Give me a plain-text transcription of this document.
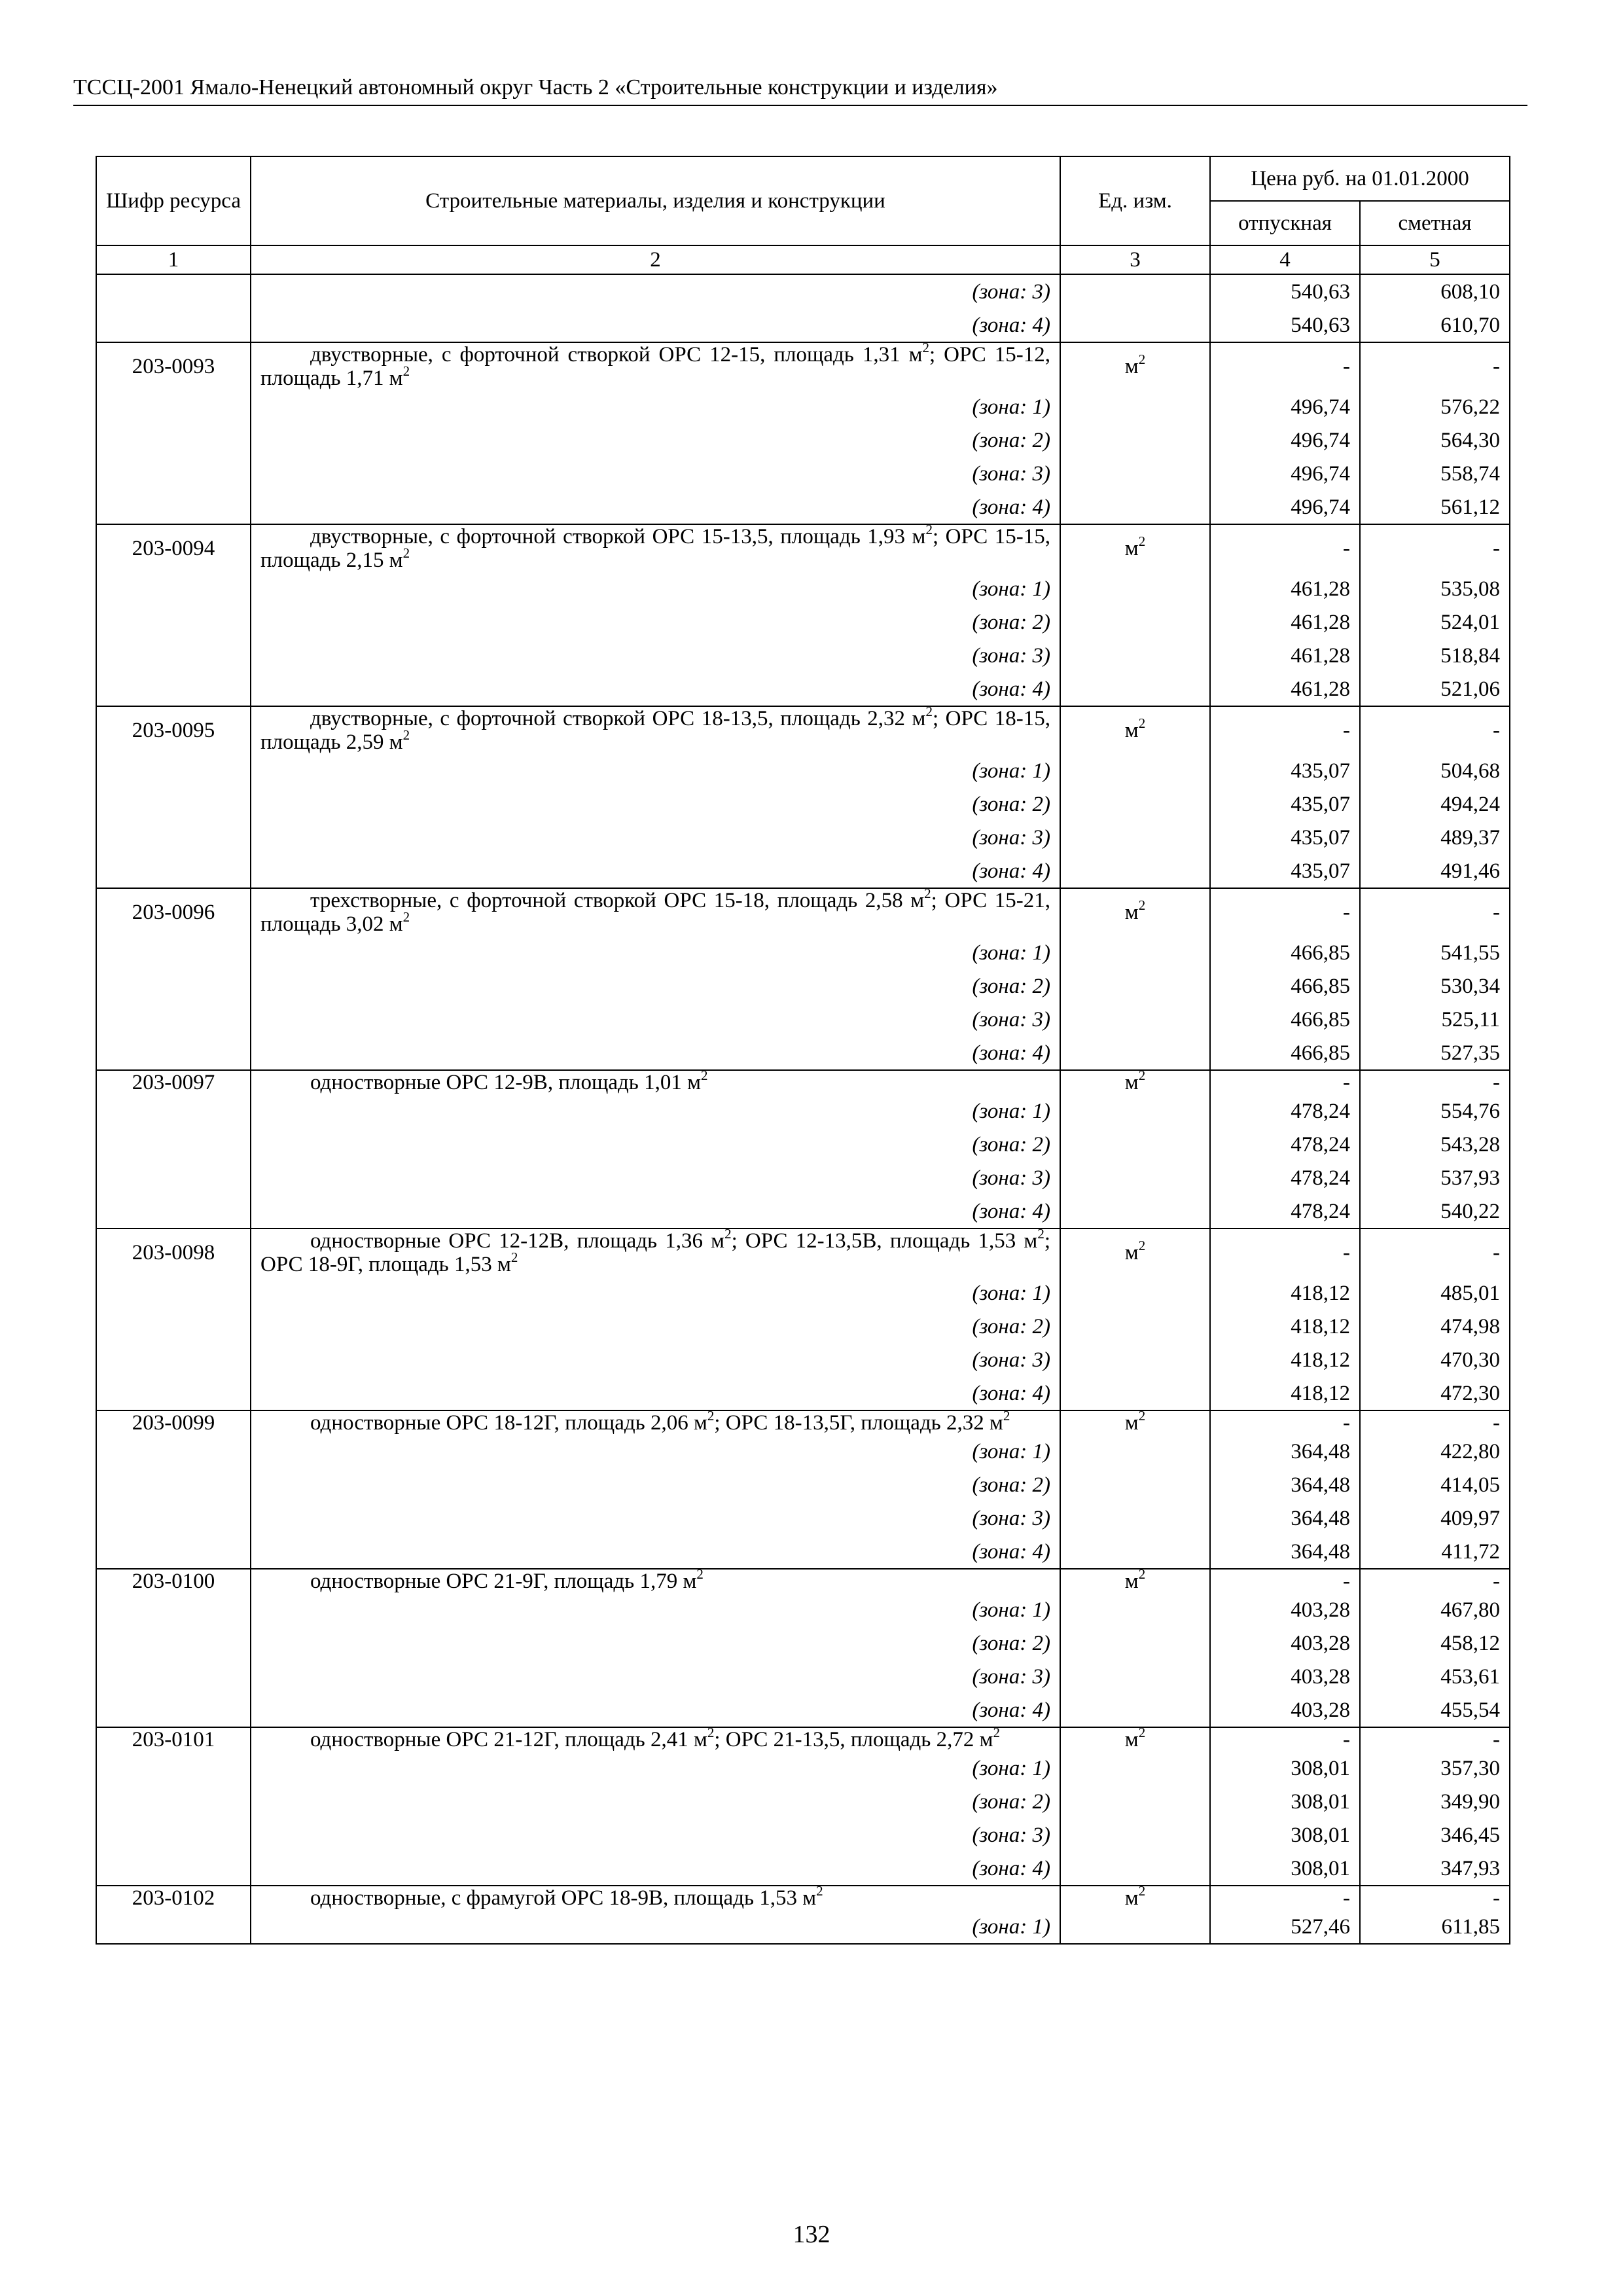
ТССЦ-2001 Ямало-Ненецкий автономный округ Часть 2 «Строительные конструкции и изделия»
Шифр ресурса	Строительные материалы, изделия и конструкции	Ед. изм.	Цена руб. на 01.01.2000	
			отпускная	сметная
1	2	3	4	5
	(зона: 3)		540,63	608,10
	(зона: 4)		540,63	610,70
203-0093	двустворные, с форточной створкой ОРС 12-15, площадь 1,31 $м^2$; ОРС 15-12, площадь 1,71 $м^2$	$м^2$	-	-
	(зона: 1)		496,74	576,22
	(зона: 2)		496,74	564,30
	(зона: 3)		496,74	558,74
	(зона: 4)		496,74	561,12
203-0094	двустворные, с форточной створкой ОРС 15-13,5, площадь 1,93 $м^2$; ОРС 15-15, площадь 2,15 $м^2$	$м^2$	-	-
	(зона: 1)		461,28	535,08
	(зона: 2)		461,28	524,01
	(зона: 3)		461,28	518,84
	(зона: 4)		461,28	521,06
203-0095	двустворные, с форточной створкой ОРС 18-13,5, площадь 2,32 $м^2$; ОРС 18-15, площадь 2,59 $м^2$	$м^2$	-	-
	(зона: 1)		435,07	504,68
	(зона: 2)		435,07	494,24
	(зона: 3)		435,07	489,37
	(зона: 4)		435,07	491,46
203-0096	трехстворные, с форточной створкой ОРС 15-18, площадь 2,58 $м^2$; ОРС 15-21, площадь 3,02 $м^2$	$м^2$	-	-
	(зона: 1)		466,85	541,55
	(зона: 2)		466,85	530,34
	(зона: 3)		466,85	525,11
	(зона: 4)		466,85	527,35
203-0097	одностворные ОРС 12-9В, площадь 1,01 $м^2$	$м^2$	-	-
	(зона: 1)		478,24	554,76
	(зона: 2)		478,24	543,28
	(зона: 3)		478,24	537,93
	(зона: 4)		478,24	540,22
203-0098	одностворные ОРС 12-12В, площадь 1,36 $м^2$; ОРС 12-13,5В, площадь 1,53 $м^2$; ОРС 18-9Г, площадь 1,53 $м^2$	$м^2$	-	-
	(зона: 1)		418,12	485,01
	(зона: 2)		418,12	474,98
	(зона: 3)		418,12	470,30
	(зона: 4)		418,12	472,30
203-0099	одностворные ОРС 18-12Г, площадь 2,06 $м^2$; ОРС 18-13,5Г, площадь 2,32 $м^2$	$м^2$	-	-
	(зона: 1)		364,48	422,80
	(зона: 2)		364,48	414,05
	(зона: 3)		364,48	409,97
	(зона: 4)		364,48	411,72
203-0100	одностворные ОРС 21-9Г, площадь 1,79 $м^2$	$м^2$	-	-
	(зона: 1)		403,28	467,80
	(зона: 2)		403,28	458,12
	(зона: 3)		403,28	453,61
	(зона: 4)		403,28	455,54
203-0101	одностворные ОРС 21-12Г, площадь 2,41 $м^2$; ОРС 21-13,5, площадь 2,72 $м^2$	$м^2$	-	-
	(зона: 1)		308,01	357,30
	(зона: 2)		308,01	349,90
	(зона: 3)		308,01	346,45
	(зона: 4)		308,01	347,93
203-0102	одностворные, с фрамугой ОРС 18-9В, площадь 1,53 $м^2$	$м^2$	-	-
	(зона: 1)		527,46	611,85
132
